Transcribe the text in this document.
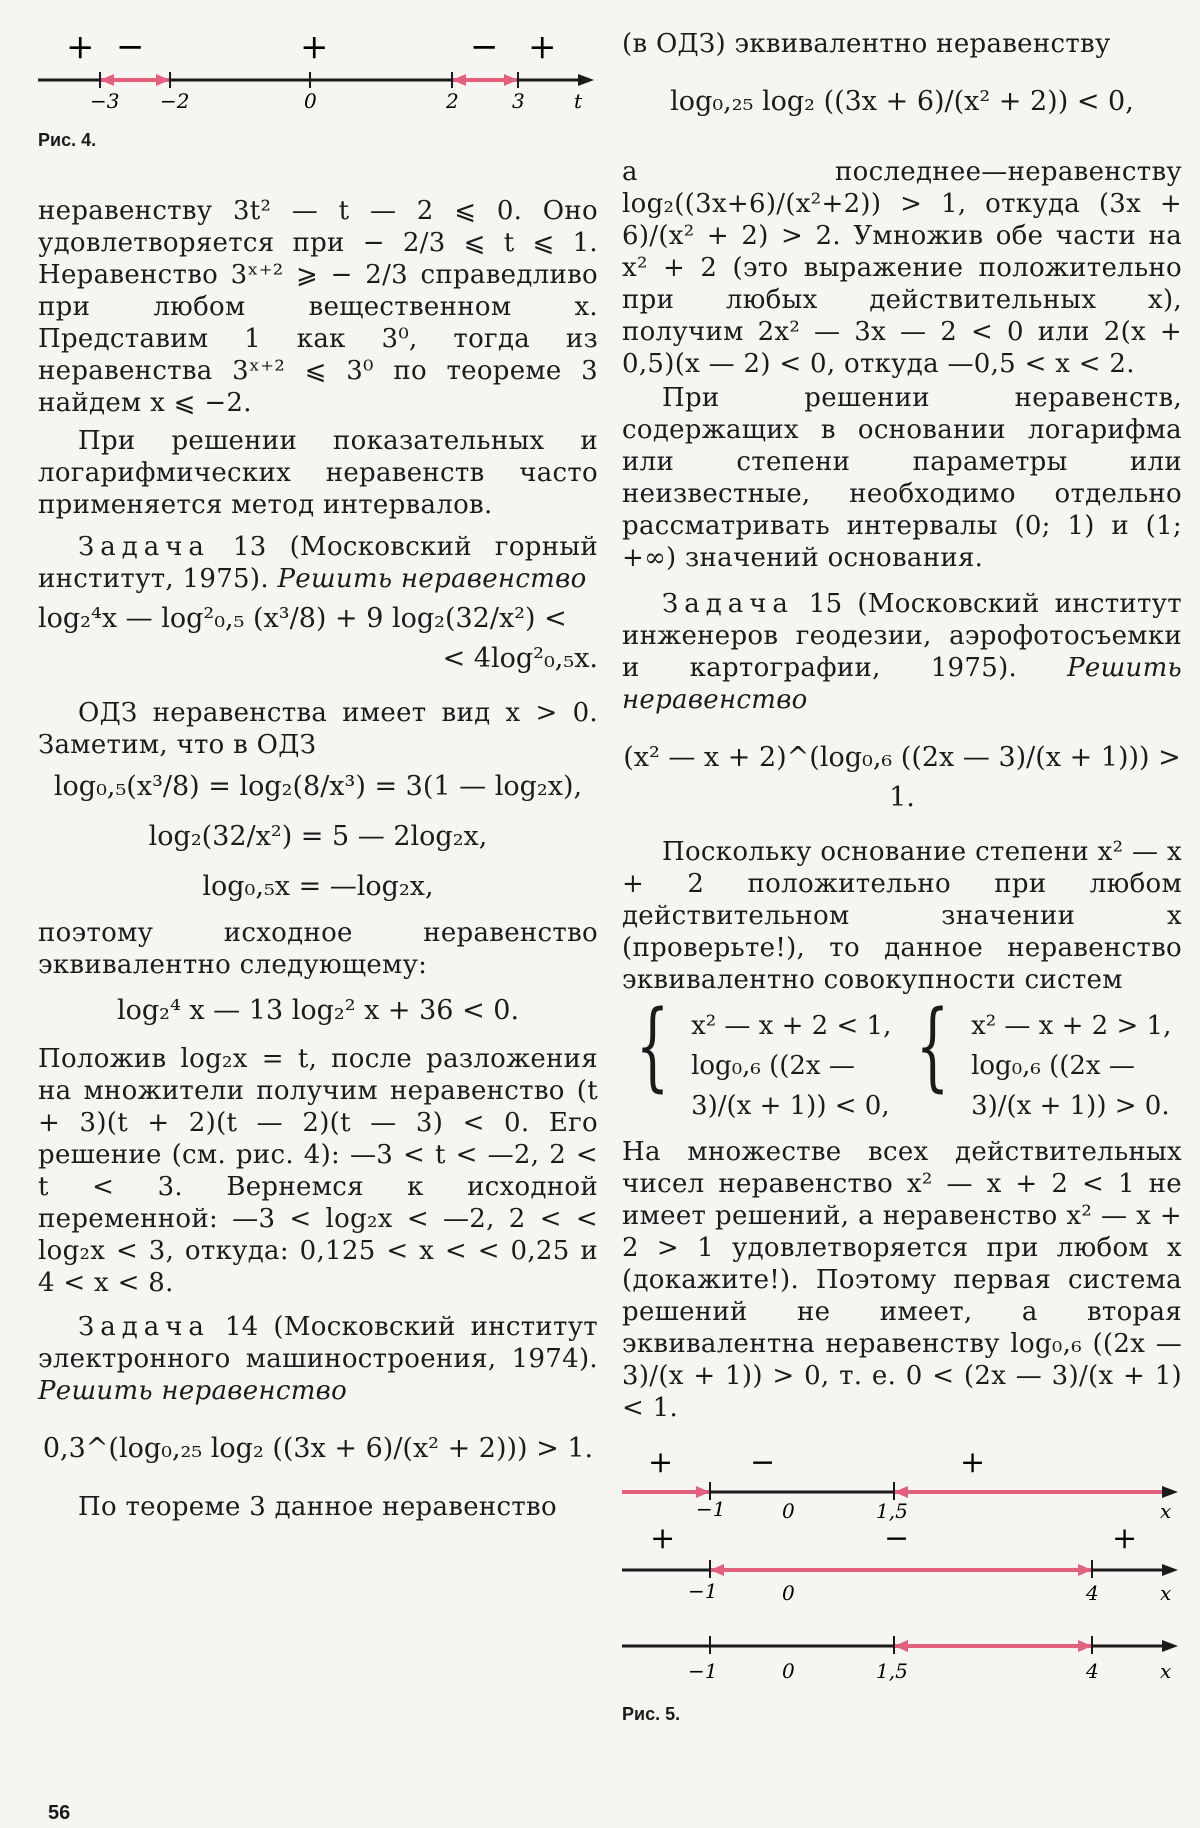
+ −	+	− +
−3 −2	0	2	3 t

Рис. 4.

неравенству 3t² — t — 2 ⩽ 0. Оно удовлетворяется при − 2/3 ⩽ t ⩽ 1. Неравенство 3ˣ⁺² ⩾ − 2/3 справедливо при любом вещественном x. Представим 1 как 3⁰, тогда из неравенства 3ˣ⁺² ⩽ 3⁰ по теореме 3 найдем x ⩽ −2.

При решении показательных и логарифмических неравенств часто применяется метод интервалов.

Задача 13 (Московский горный институт, 1975). Решить неравенство

log₂⁴x — log²₀,₅ (x³/8) + 9 log₂(32/x²) <

< 4log²₀,₅x.

ОДЗ неравенства имеет вид x > 0. Заметим, что в ОДЗ

log₀,₅(x³/8) = log₂(8/x³) = 3(1 — log₂x),

log₂(32/x²) = 5 — 2log₂x,

log₀,₅x = —log₂x,

поэтому исходное неравенство эквивалентно следующему:

log₂⁴ x — 13 log₂² x + 36 < 0.

Положив log₂x = t, после разложения на множители получим неравенство (t + 3)(t + 2)(t — 2)(t — 3) < 0. Его решение (см. рис. 4): —3 < t < —2, 2 < t < 3. Вернемся к исходной переменной: —3 < log₂x < —2, 2 < < log₂x < 3, откуда: 0,125 < x < < 0,25 и 4 < x < 8.

Задача 14 (Московский институт электронного машиностроения, 1974). Решить неравенство

0,3^(log₀,₂₅ log₂ ((3x + 6)/(x² + 2))) > 1.

По теореме 3 данное неравенство

(в ОДЗ) эквивалентно неравенству

log₀,₂₅ log₂ ((3x + 6)/(x² + 2)) < 0,

а последнее—неравенству log₂((3x+6)/(x²+2)) > 1, откуда (3x + 6)/(x² + 2) > 2. Умножив обе части на x² + 2 (это выражение положительно при любых действительных x), получим 2x² — 3x — 2 < 0 или 2(x + 0,5)(x — 2) < 0, откуда —0,5 < x < 2.

При решении неравенств, содержащих в основании логарифма или степени параметры или неизвестные, необходимо отдельно рассматривать интервалы (0; 1) и (1; +∞) значений основания.

Задача 15 (Московский институт инженеров геодезии, аэрофотосъемки и картографии, 1975). Решить неравенство

(x² — x + 2)^(log₀,₆ ((2x — 3)/(x + 1))) > 1.

Поскольку основание степени x² — x + 2 положительно при любом действительном значении x (проверьте!), то данное неравенство эквивалентно совокупности систем

{ x² — x + 2 < 1,
log₀,₆ ((2x — 3)/(x + 1)) < 0,
{ x² — x + 2 > 1,
log₀,₆ ((2x — 3)/(x + 1)) > 0.

На множестве всех действительных чисел неравенство x² — x + 2 < 1 не имеет решений, а неравенство x² — x + 2 > 1 удовлетворяется при любом x (докажите!). Поэтому первая система решений не имеет, а вторая эквивалентна неравенству log₀,₆ ((2x — 3)/(x + 1)) > 0, т. е. 0 < (2x — 3)/(x + 1) < 1.

+	−	+
−1	0	1,5	x
+	−	+
−1	0	4	x
−1	0	1,5	4	x

Рис. 5.

56
